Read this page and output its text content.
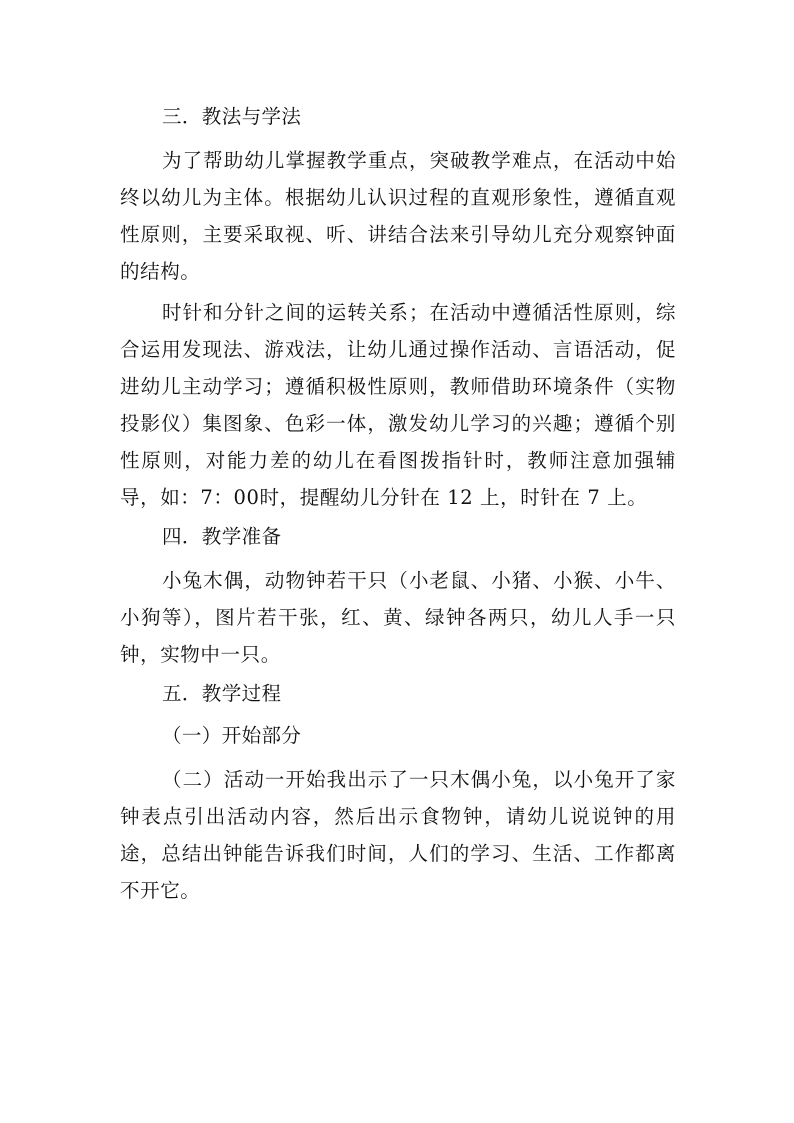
三．教法与学法
为了帮助幼儿掌握教学重点，突破教学难点，在活动中始终以幼儿为主体。根据幼儿认识过程的直观形象性，遵循直观性原则，主要采取视、听、讲结合法来引导幼儿充分观察钟面的结构。
时针和分针之间的运转关系；在活动中遵循活性原则，综合运用发现法、游戏法，让幼儿通过操作活动、言语活动，促进幼儿主动学习；遵循积极性原则，教师借助环境条件（实物投影仪）集图象、色彩一体，激发幼儿学习的兴趣；遵循个别性原则，对能力差的幼儿在看图拨指针时，教师注意加强辅导，如：7：00时，提醒幼儿分针在 12 上，时针在 7 上。
四．教学准备
小兔木偶，动物钟若干只（小老鼠、小猪、小猴、小牛、小狗等），图片若干张，红、黄、绿钟各两只，幼儿人手一只钟，实物中一只。
五．教学过程
（一）开始部分
（二）活动一开始我出示了一只木偶小兔，以小兔开了家钟表点引出活动内容，然后出示食物钟，请幼儿说说钟的用途，总结出钟能告诉我们时间，人们的学习、生活、工作都离不开它。
